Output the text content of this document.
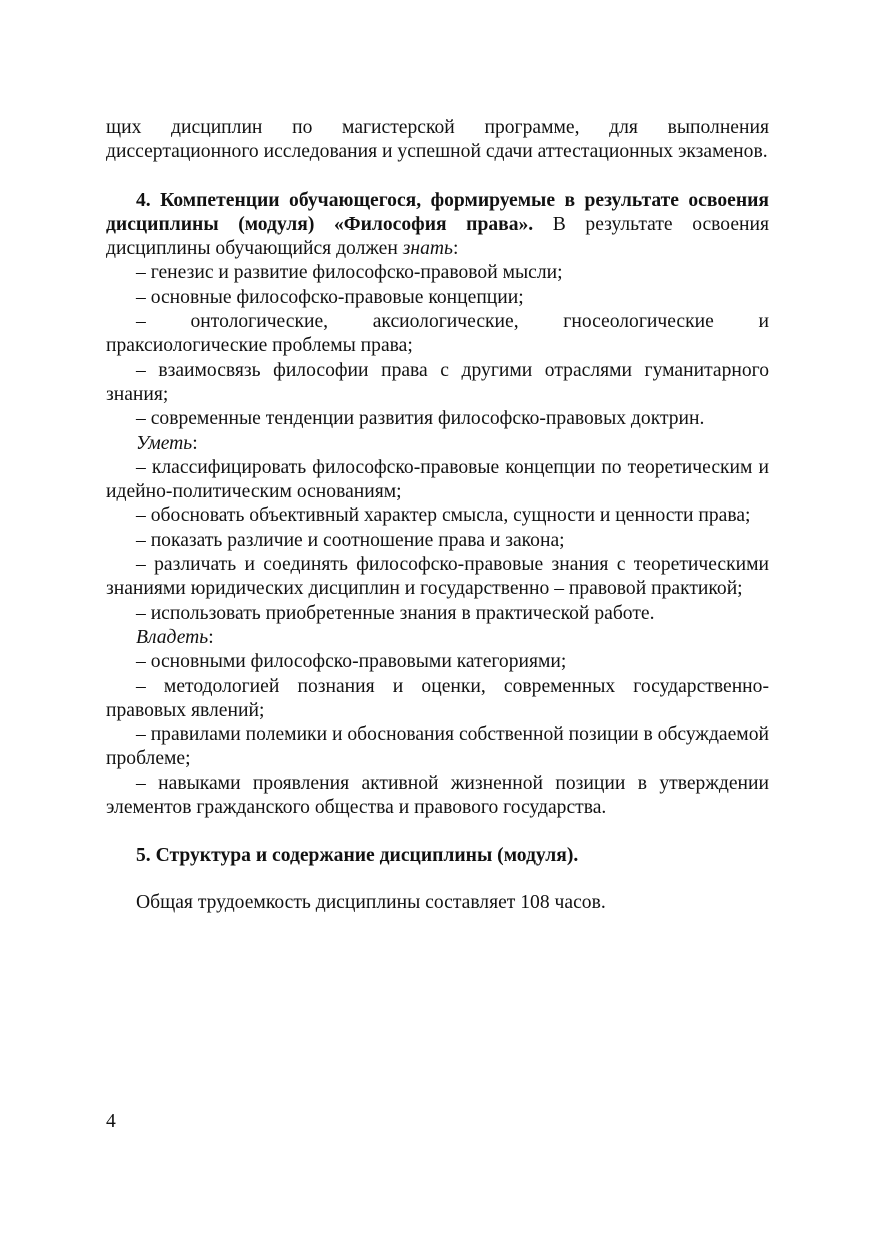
щих дисциплин по магистерской программе, для выполнения диссертационного исследования и успешной сдачи аттестационных экзаменов.

4. Компетенции обучающегося, формируемые в результате освоения дисциплины (модуля) «Философия права». В результате освоения дисциплины обучающийся должен знать:

– генезис и развитие философско-правовой мысли;

– основные философско-правовые концепции;

– онтологические, аксиологические, гносеологические и праксиологические проблемы права;

– взаимосвязь философии права с другими отраслями гуманитарного знания;

– современные тенденции развития философско-правовых доктрин.

Уметь:

– классифицировать философско-правовые концепции по теоретическим и идейно-политическим основаниям;

– обосновать объективный характер смысла, сущности и ценности права;

– показать различие и соотношение права и закона;

– различать и соединять философско-правовые знания с теоретическими знаниями юридических дисциплин и государственно – правовой практикой;

– использовать приобретенные знания в практической работе.

Владеть:

– основными философско-правовыми категориями;

– методологией познания и оценки, современных государственно-правовых явлений;

– правилами полемики и обоснования собственной позиции в обсуждаемой проблеме;

– навыками проявления активной жизненной позиции в утверждении элементов гражданского общества и правового государства.

5. Структура и содержание дисциплины (модуля).

Общая трудоемкость дисциплины составляет 108 часов.

4
